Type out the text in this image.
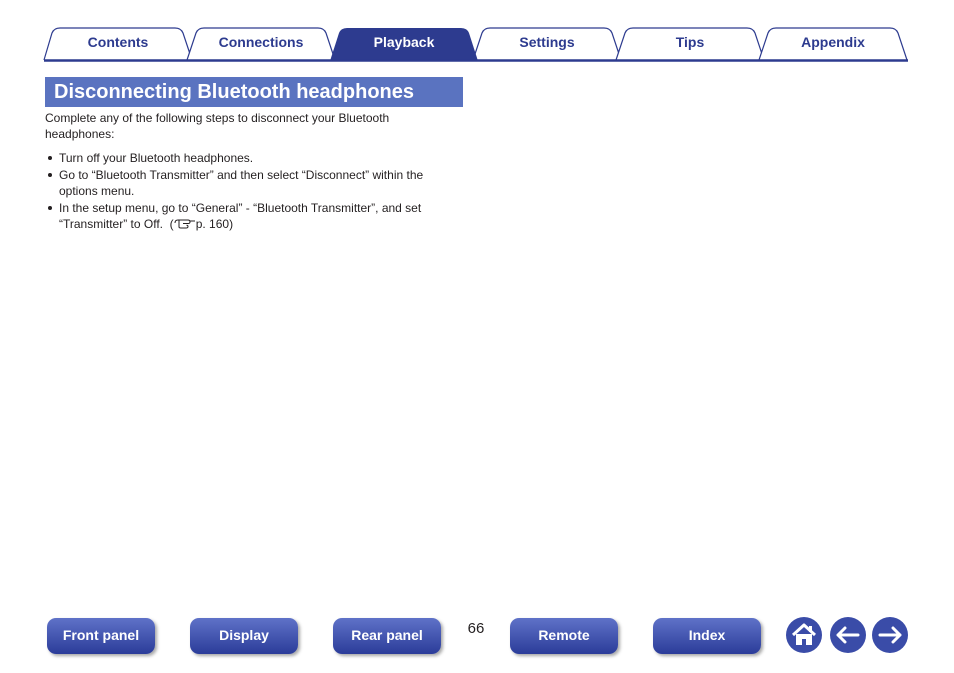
Contents	Connections	Playback	Settings	Tips	Appendix
Disconnecting Bluetooth headphones

Complete any of the following steps to disconnect your Bluetooth headphones:

Turn off your Bluetooth headphones.
Go to “Bluetooth Transmitter” and then select “Disconnect” within the options menu.
In the setup menu, go to “General” - “Bluetooth Transmitter”, and set “Transmitter” to Off.  ( p. 160)
Front panel	Display	Rear panel	66	Remote	Index
